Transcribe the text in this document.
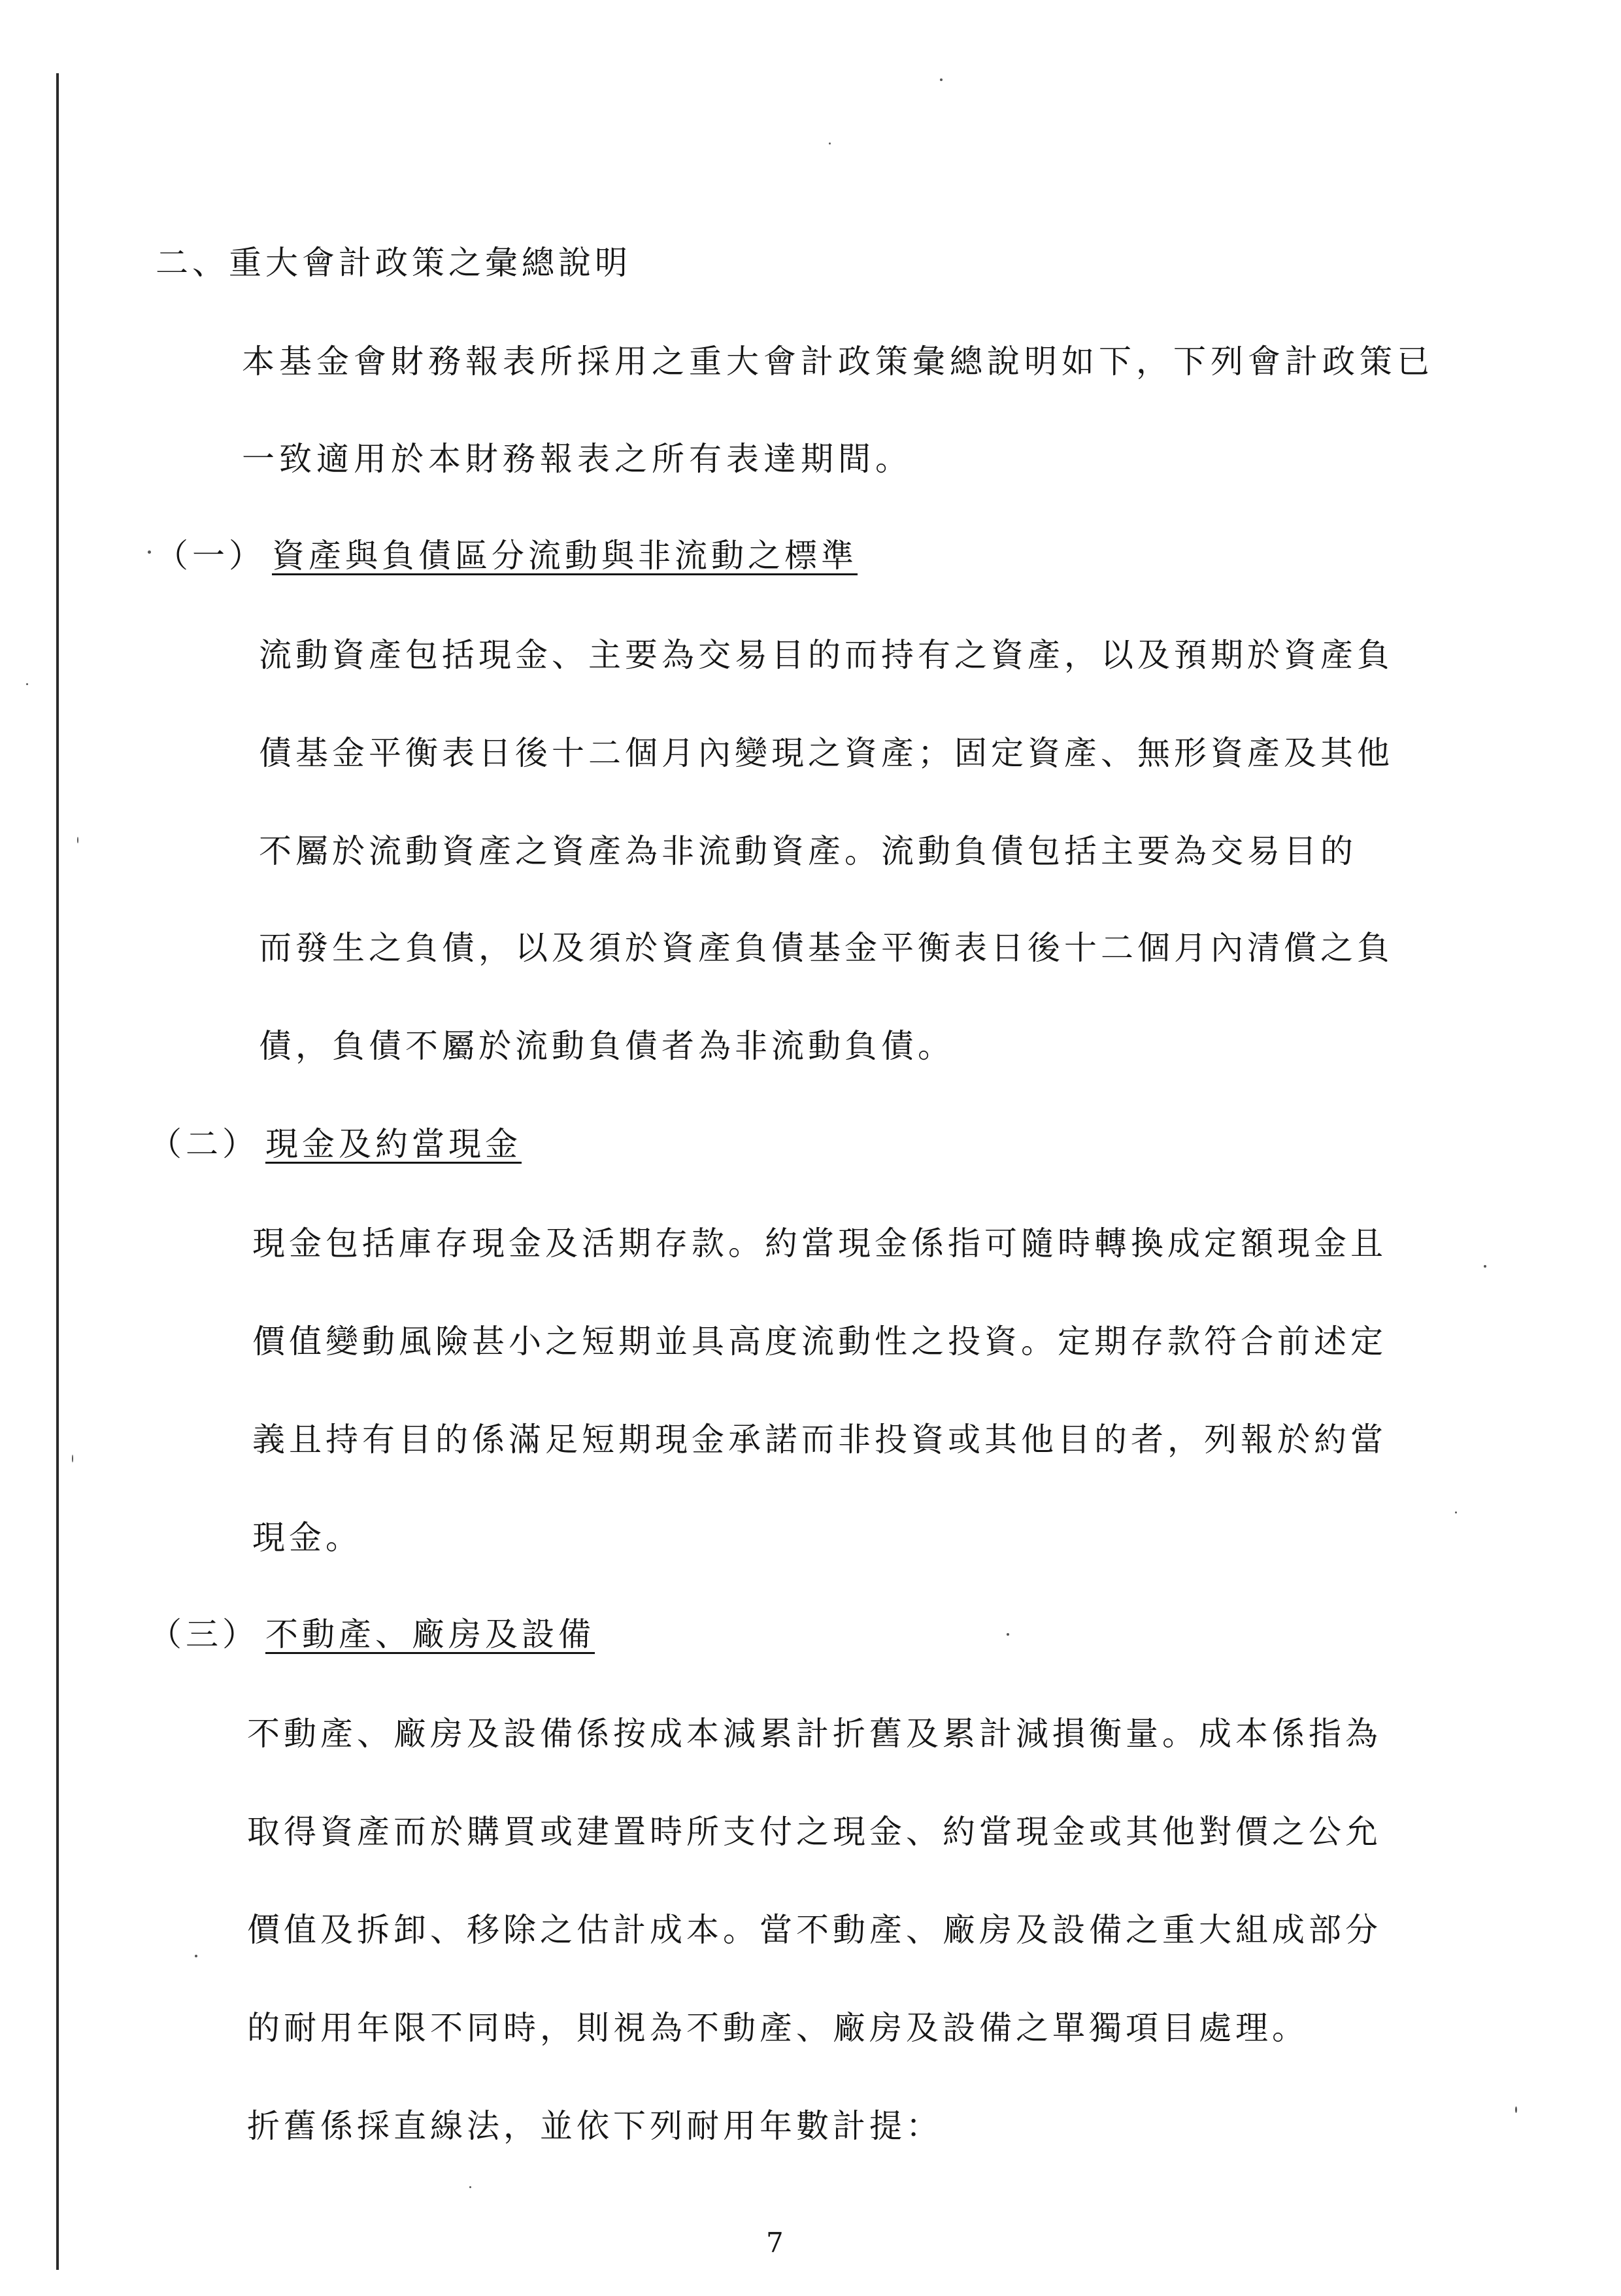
二、重大會計政策之彙總說明
本基金會財務報表所採用之重大會計政策彙總說明如下，下列會計政策已
一致適用於本財務報表之所有表達期間。
（一） 資產與負債區分流動與非流動之標準
流動資產包括現金、主要為交易目的而持有之資產，以及預期於資產負
債基金平衡表日後十二個月內變現之資產；固定資產、無形資產及其他
不屬於流動資產之資產為非流動資產。流動負債包括主要為交易目的
而發生之負債，以及須於資產負債基金平衡表日後十二個月內清償之負
債，負債不屬於流動負債者為非流動負債。
（二） 現金及約當現金
現金包括庫存現金及活期存款。約當現金係指可隨時轉換成定額現金且
價值變動風險甚小之短期並具高度流動性之投資。定期存款符合前述定
義且持有目的係滿足短期現金承諾而非投資或其他目的者，列報於約當
現金。
（三） 不動產、廠房及設備
不動產、廠房及設備係按成本減累計折舊及累計減損衡量。成本係指為
取得資產而於購買或建置時所支付之現金、約當現金或其他對價之公允
價值及拆卸、移除之估計成本。當不動產、廠房及設備之重大組成部分
的耐用年限不同時，則視為不動產、廠房及設備之單獨項目處理。
折舊係採直線法，並依下列耐用年數計提：
7
